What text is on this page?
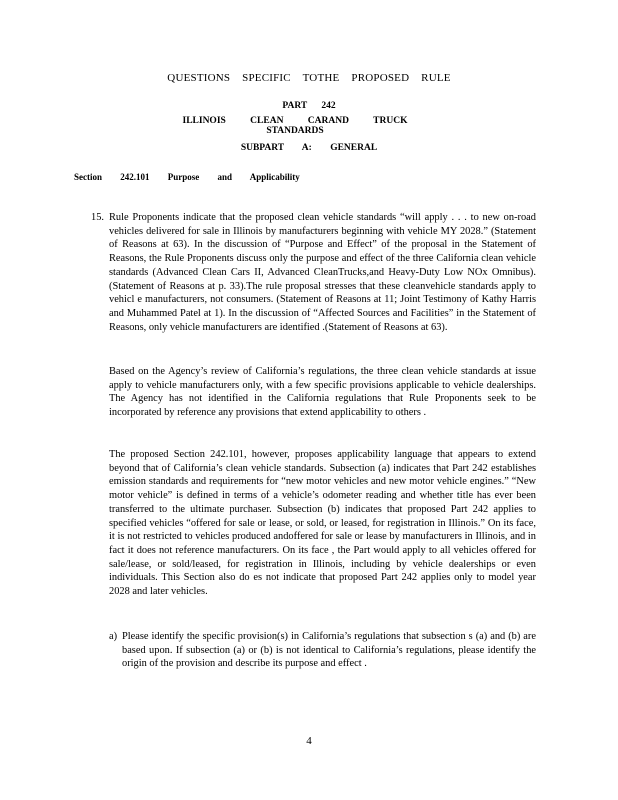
QUESTIONS SPECIFIC TOTHE PROPOSED RULE
PART 242
ILLINOIS CLEAN CARAND TRUCK STANDARDS
SUBPART A: GENERAL
Section 242.101 Purpose and Applicability
15. Rule Proponents indicate that the proposed clean vehicle standards “will apply . . . to new on-road vehicles delivered for sale in Illinois by manufacturers beginning with vehicle MY 2028.” (Statement of Reasons at 63). In the discussion of “Purpose and Effect” of the proposal in the Statement of Reasons, the Rule Proponents discuss only the purpose and effect of the three California clean vehicle standards (Advanced Clean Cars II, Advanced CleanTrucks,and Heavy-Duty Low NOx Omnibus). (Statement of Reasons at p. 33).The rule proposal stresses that these cleanvehicle standards apply to vehicl e manufacturers, not consumers. (Statement of Reasons at 11; Joint Testimony of Kathy Harris and Muhammed Patel at 1). In the discussion of “Affected Sources and Facilities” in the Statement of Reasons, only vehicle manufacturers are identified .(Statement of Reasons at 63).
Based on the Agency’s review of California’s regulations, the three clean vehicle standards at issue apply to vehicle manufacturers only, with a few specific provisions applicable to vehicle dealerships. The Agency has not identified in the California regulations that Rule Proponents seek to be incorporated by reference any provisions that extend applicability to others .
The proposed Section 242.101, however, proposes applicability language that appears to extend beyond that of California’s clean vehicle standards. Subsection (a) indicates that Part 242 establishes emission standards and requirements for “new motor vehicles and new motor vehicle engines.” “New motor vehicle” is defined in terms of a vehicle’s odometer reading and whether title has ever been transferred to the ultimate purchaser. Subsection (b) indicates that proposed Part 242 applies to specified vehicles “offered for sale or lease, or sold, or leased, for registration in Illinois.” On its face, it is not restricted to vehicles produced andoffered for sale or lease by manufacturers in Illinois, and in fact it does not reference manufacturers. On its face , the Part would apply to all vehicles offered for sale/lease, or sold/leased, for registration in Illinois, including by vehicle dealerships or even individuals. This Section also do es not indicate that proposed Part 242 applies only to model year 2028 and later vehicles.
a) Please identify the specific provision(s) in California’s regulations that subsection s (a) and (b) are based upon. If subsection (a) or (b) is not identical to California’s regulations, please identify the origin of the provision and describe its purpose and effect .
4
